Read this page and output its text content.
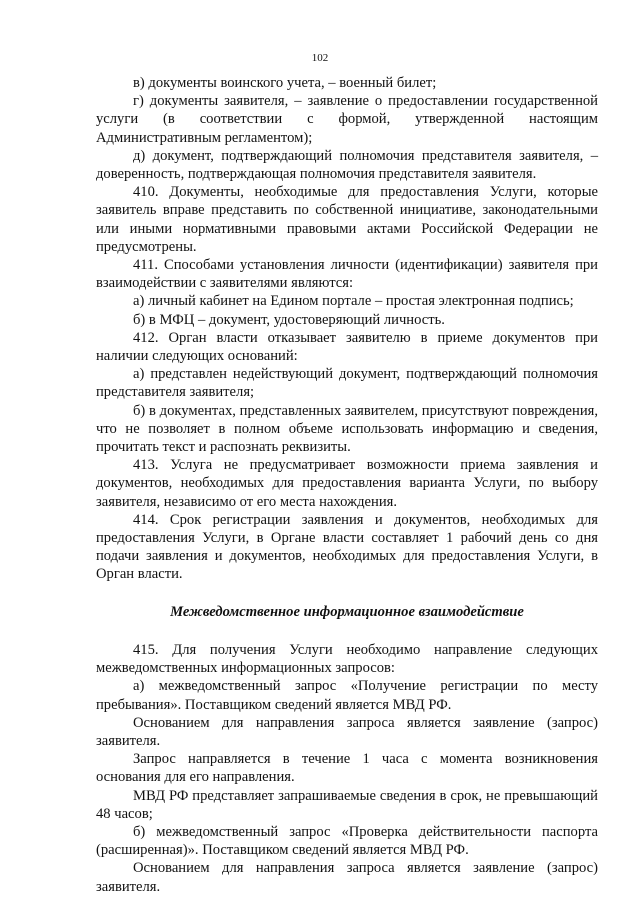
102

в) документы воинского учета, – военный билет;

г) документы заявителя, – заявление о предоставлении государственной услуги (в соответствии с формой, утвержденной настоящим Административным регламентом);

д) документ, подтверждающий полномочия представителя заявителя, – доверенность, подтверждающая полномочия представителя заявителя.

410. Документы, необходимые для предоставления Услуги, которые заявитель вправе представить по собственной инициативе, законодательными или иными нормативными правовыми актами Российской Федерации не предусмотрены.

411. Способами установления личности (идентификации) заявителя при взаимодействии с заявителями являются:

а) личный кабинет на Едином портале – простая электронная подпись;

б) в МФЦ – документ, удостоверяющий личность.

412. Орган власти отказывает заявителю в приеме документов при наличии следующих оснований:

а) представлен недействующий документ, подтверждающий полномочия представителя заявителя;

б) в документах, представленных заявителем, присутствуют повреждения, что не позволяет в полном объеме использовать информацию и сведения, прочитать текст и распознать реквизиты.

413. Услуга не предусматривает возможности приема заявления и документов, необходимых для предоставления варианта Услуги, по выбору заявителя, независимо от его места нахождения.

414. Срок регистрации заявления и документов, необходимых для предоставления Услуги, в Органе власти составляет 1 рабочий день со дня подачи заявления и документов, необходимых для предоставления Услуги, в Орган власти.

Межведомственное информационное взаимодействие

415. Для получения Услуги необходимо направление следующих межведомственных информационных запросов:

а) межведомственный запрос «Получение регистрации по месту пребывания». Поставщиком сведений является МВД РФ.

Основанием для направления запроса является заявление (запрос) заявителя.

Запрос направляется в течение 1 часа с момента возникновения основания для его направления.

МВД РФ представляет запрашиваемые сведения в срок, не превышающий 48 часов;

б) межведомственный запрос «Проверка действительности паспорта (расширенная)». Поставщиком сведений является МВД РФ.

Основанием для направления запроса является заявление (запрос) заявителя.
